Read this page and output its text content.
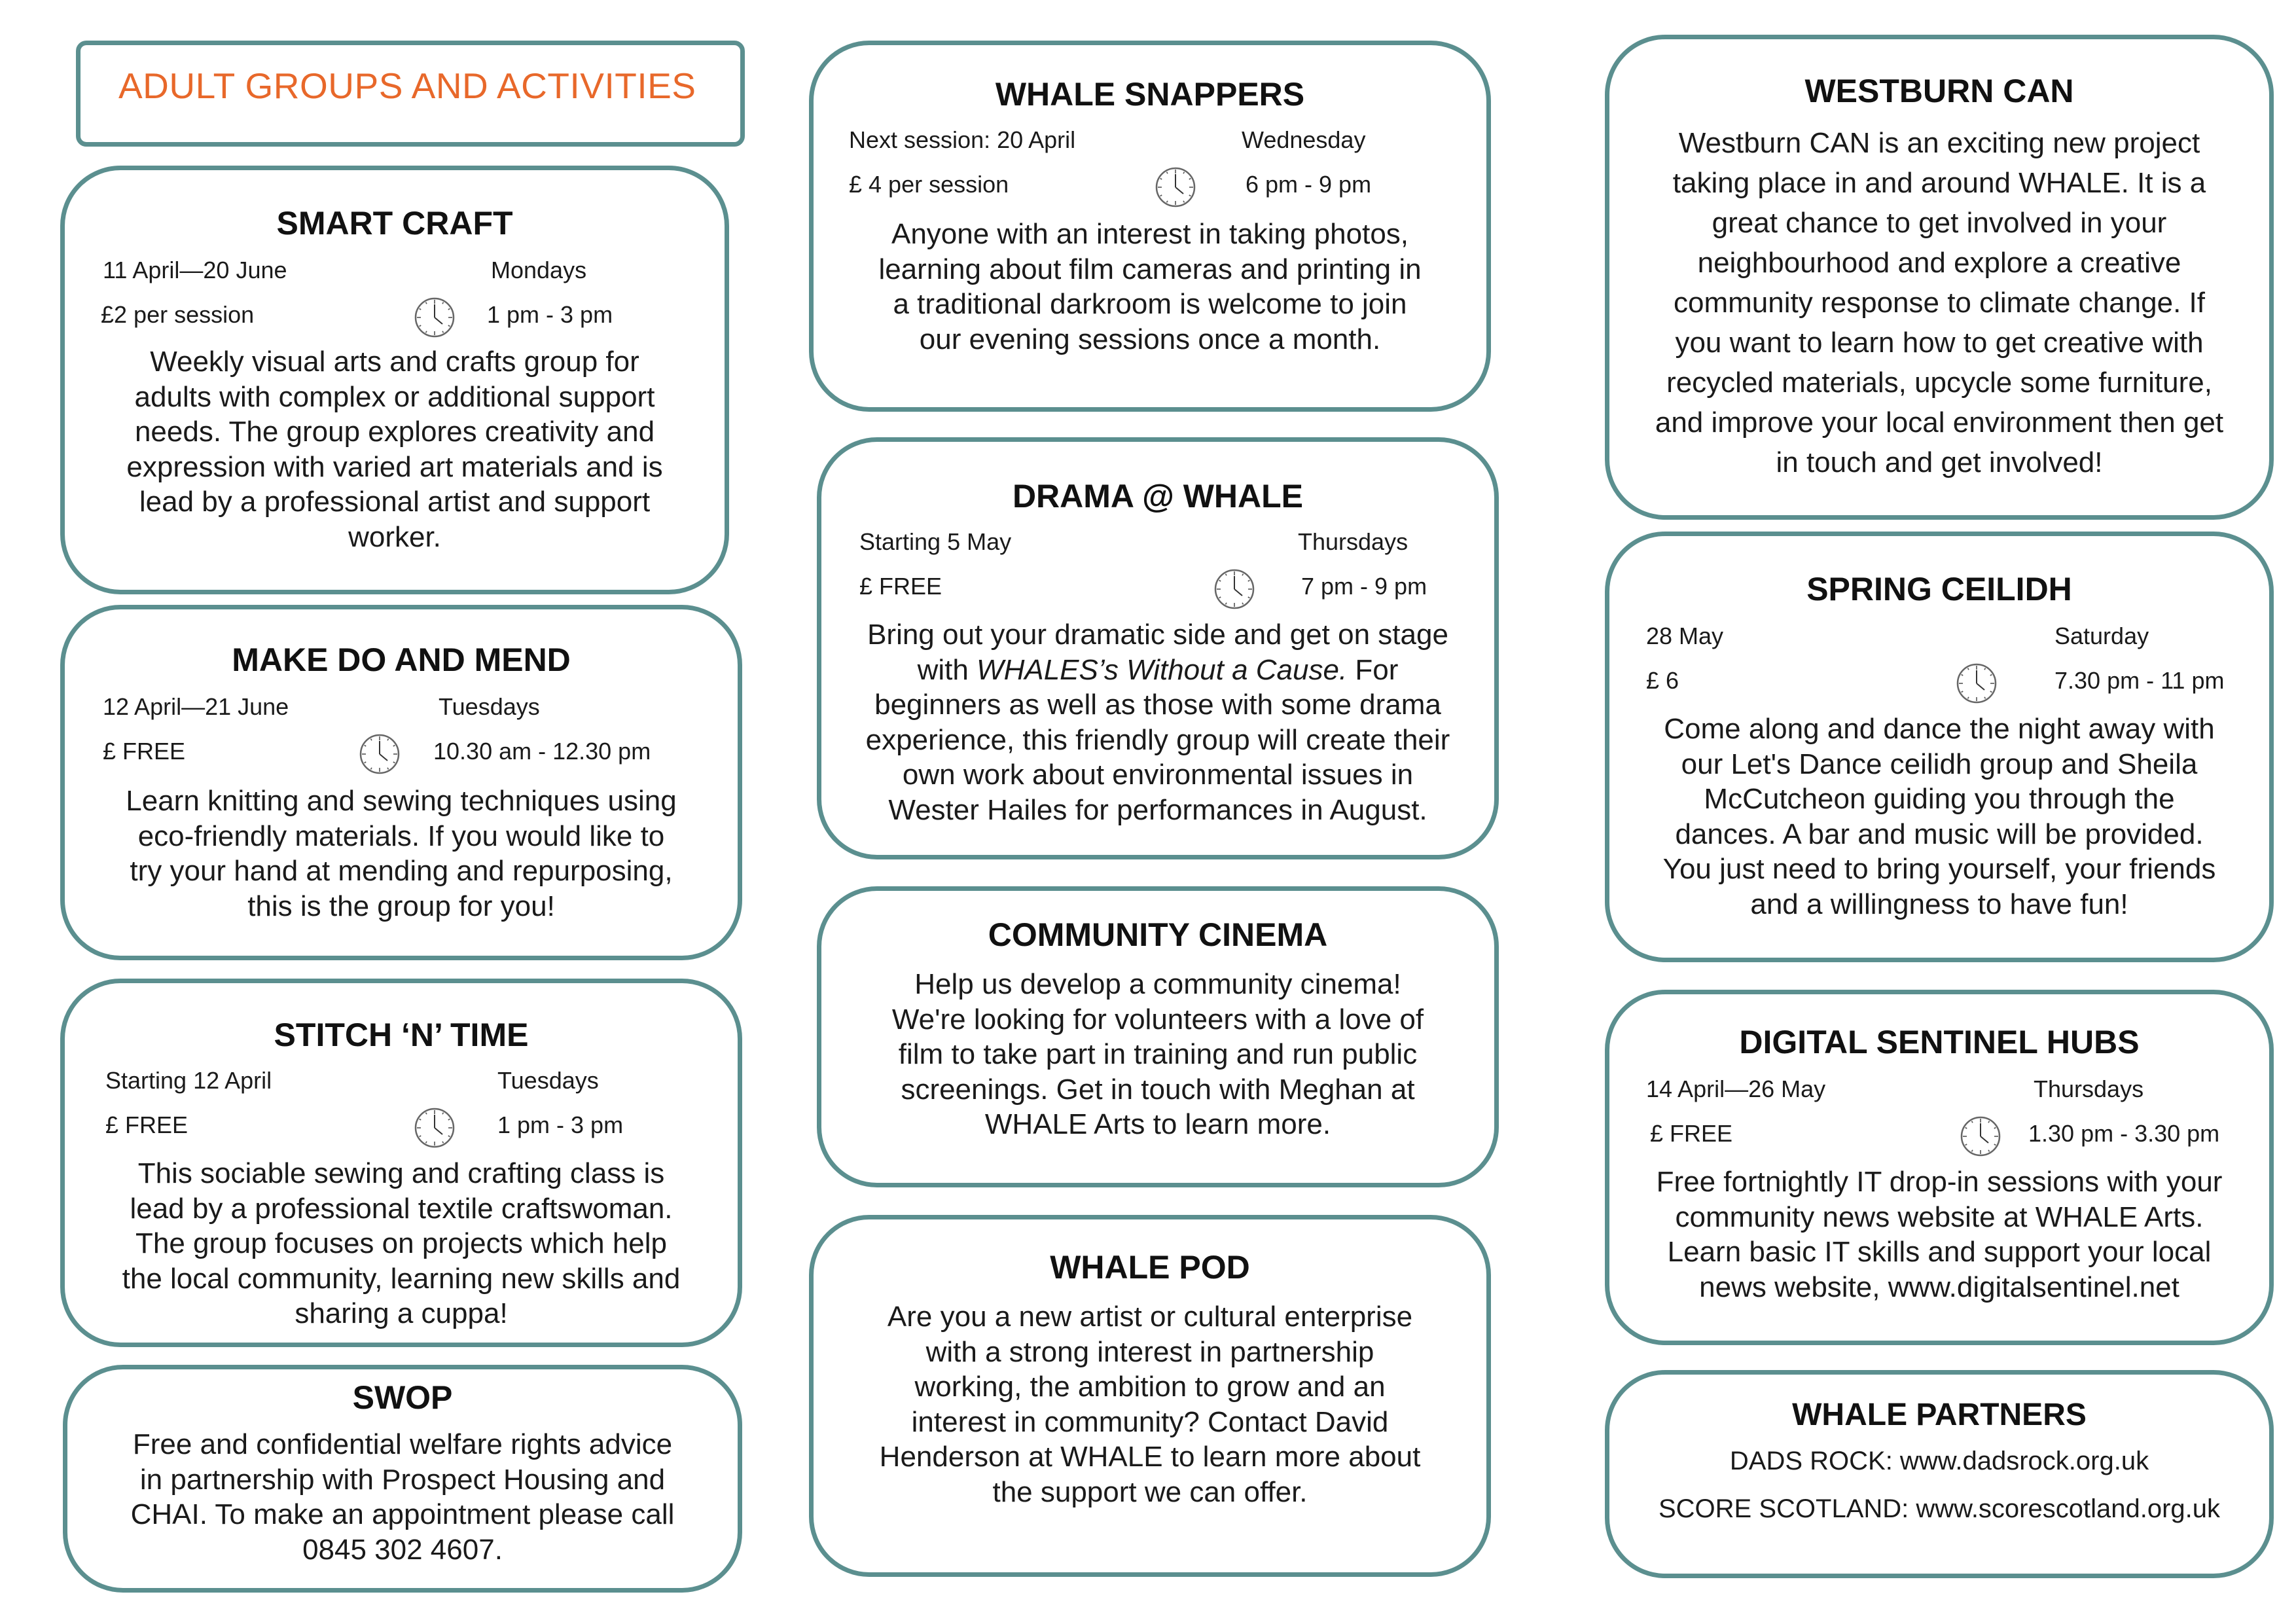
ADULT GROUPS AND ACTIVITIES
SMART CRAFT
11 April—20 June	Mondays
£2 per session	1 pm - 3 pm
Weekly visual arts and crafts group for
adults with complex or additional support
needs. The group explores creativity and
expression with varied art materials and is
lead by a professional artist and support
worker.
MAKE DO AND MEND
12 April—21 June	Tuesdays
£ FREE	10.30 am - 12.30 pm
Learn knitting and sewing techniques using
eco-friendly materials. If you would like to
try your hand at mending and repurposing,
this is the group for you!
STITCH ‘N’ TIME
Starting 12 April	Tuesdays
£ FREE	1 pm - 3 pm
This sociable sewing and crafting class is
lead by a professional textile craftswoman.
The group focuses on projects which help
the local community, learning new skills and
sharing a cuppa!
SWOP
Free and confidential welfare rights advice
in partnership with Prospect Housing and
CHAI. To make an appointment please call
0845 302 4607.
WHALE SNAPPERS
Next session: 20 April	Wednesday
£ 4 per session	6 pm - 9 pm
Anyone with an interest in taking photos,
learning about film cameras and printing in
a traditional darkroom is welcome to join
our evening sessions once a month.
DRAMA @ WHALE
Starting 5 May	Thursdays
£ FREE	7 pm - 9 pm
Bring out your dramatic side and get on stage
with WHALES’s Without a Cause. For
beginners as well as those with some drama
experience, this friendly group will create their
own work about environmental issues in
Wester Hailes for performances in August.
COMMUNITY CINEMA
Help us develop a community cinema!
We're looking for volunteers with a love of
film to take part in training and run public
screenings. Get in touch with Meghan at
WHALE Arts to learn more.
WHALE POD
Are you a new artist or cultural enterprise
with a strong interest in partnership
working, the ambition to grow and an
interest in community? Contact David
Henderson at WHALE to learn more about
the support we can offer.
WESTBURN CAN
Westburn CAN is an exciting new project
taking place in and around WHALE. It is a
great chance to get involved in your
neighbourhood and explore a creative
community response to climate change. If
you want to learn how to get creative with
recycled materials, upcycle some furniture,
and improve your local environment then get
in touch and get involved!
SPRING CEILIDH
28 May	Saturday
£ 6	7.30 pm - 11 pm
Come along and dance the night away with
our Let's Dance ceilidh group and Sheila
McCutcheon guiding you through the
dances. A bar and music will be provided.
You just need to bring yourself, your friends
and a willingness to have fun!
DIGITAL SENTINEL HUBS
14 April—26 May	Thursdays
£ FREE	1.30 pm - 3.30 pm
Free fortnightly IT drop-in sessions with your
community news website at WHALE Arts.
Learn basic IT skills and support your local
news website, www.digitalsentinel.net
WHALE PARTNERS
DADS ROCK: www.dadsrock.org.uk
SCORE SCOTLAND: www.scorescotland.org.uk
